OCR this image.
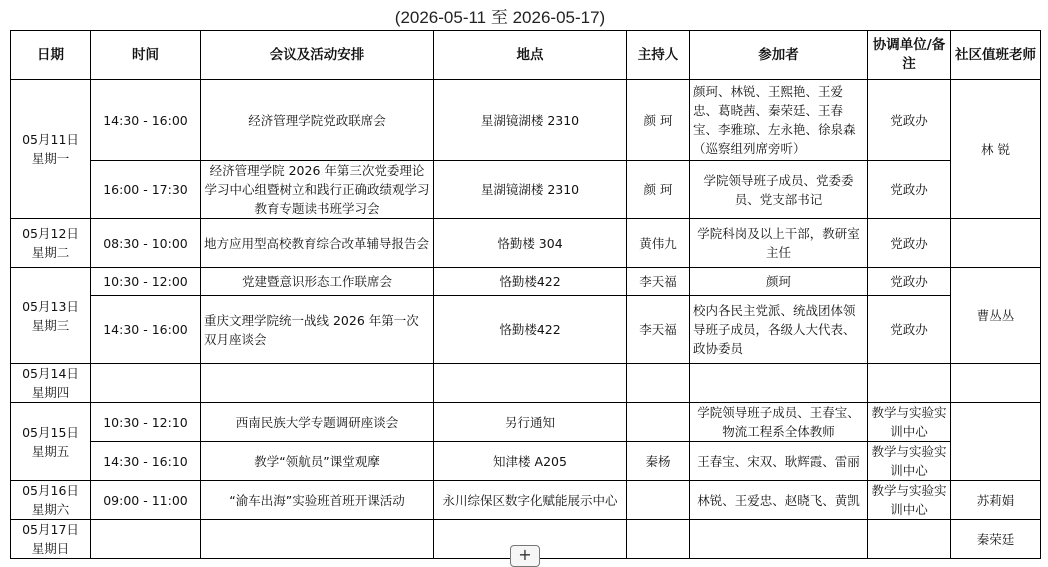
(2026-05-11 至 2026-05-17)
日期	时间	会议及活动安排	地点	主持人	参加者	协调单位/备注	社区值班老师
05月11日 星期一	14:30 - 16:00	经济管理学院党政联席会	星湖镜湖楼 2310	颜 珂	颜珂、林锐、王熙艳、王爱忠、葛晓茜、秦荣廷、王春宝、李雅琼、左永艳、徐泉森（巡察组列席旁听）	党政办	林 锐
	16:00 - 17:30	经济管理学院 2026 年第三次党委理论学习中心组暨树立和践行正确政绩观学习教育专题读书班学习会	星湖镜湖楼 2310	颜 珂	学院领导班子成员、党委委员、党支部书记	党政办	
05月12日 星期二	08:30 - 10:00	地方应用型高校教育综合改革辅导报告会	恪勤楼 304	黄伟九	学院科岗及以上干部，教研室主任	党政办	
05月13日 星期三	10:30 - 12:00	党建暨意识形态工作联席会	恪勤楼422	李天福	颜珂	党政办	曹丛丛
	14:30 - 16:00	重庆文理学院统一战线 2026 年第一次双月座谈会	恪勤楼422	李天福	校内各民主党派、统战团体领导班子成员，各级人大代表、政协委员	党政办	
05月14日 星期四							
05月15日 星期五	10:30 - 12:10	西南民族大学专题调研座谈会	另行通知		学院领导班子成员、王春宝、物流工程系全体教师	教学与实验实训中心	
	14:30 - 16:10	教学“领航员”课堂观摩	知津楼 A205	秦杨	王春宝、宋双、耿辉霞、雷丽	教学与实验实训中心	
05月16日 星期六	09:00 - 11:00	“渝车出海”实验班首班开课活动	永川综保区数字化赋能展示中心		林锐、王爱忠、赵晓飞、黄凯	教学与实验实训中心	苏莉娟
05月17日 星期日							秦荣廷
+
